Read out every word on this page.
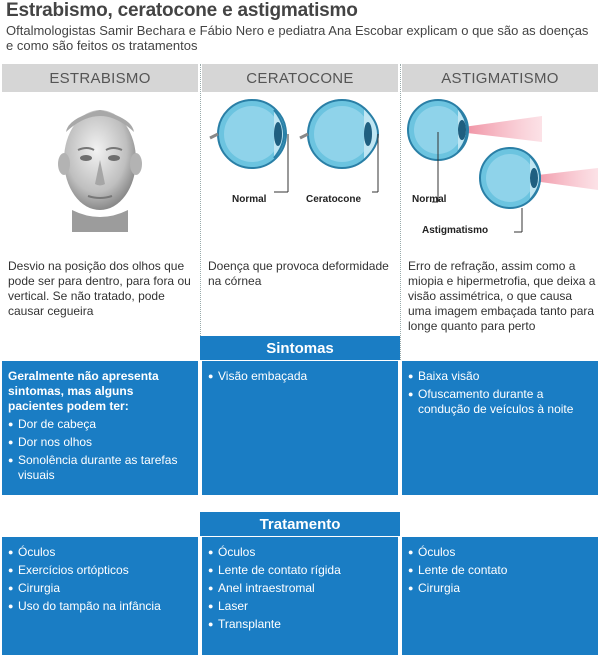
Estrabismo, ceratocone e astigmatismo
Oftalmologistas Samir Bechara e Fábio Nero e pediatra Ana Escobar explicam o que são as doenças e como são feitos os tratamentos
ESTRABISMO
Desvio na posição dos olhos que pode ser para dentro, para fora ou vertical. Se não tratado, pode causar cegueira
CERATOCONE
Normal	Ceratocone
Doença que provoca deformidade na córnea
ASTIGMATISMO
Normal
Astigmatismo
Erro de refração, assim como a miopia e hipermetrofia, que deixa a visão assimétrica, o que causa uma imagem embaçada tanto para longe quanto para perto
Sintomas
Geralmente não apresenta sintomas, mas alguns pacientes podem ter:
● Dor de cabeça
● Dor nos olhos
● Sonolência durante as tarefas visuais
● Visão embaçada
●	Baixa visão
● Ofuscamento durante a condução de veículos à noite
Tratamento
● Óculos
● Exercícios ortópticos
● Cirurgia
● Uso do tampão na infância
● Óculos
● Lente de contato rígida
● Anel intraestromal
● Laser
● Transplante
● Óculos
● Lente de contato
● Cirurgia
